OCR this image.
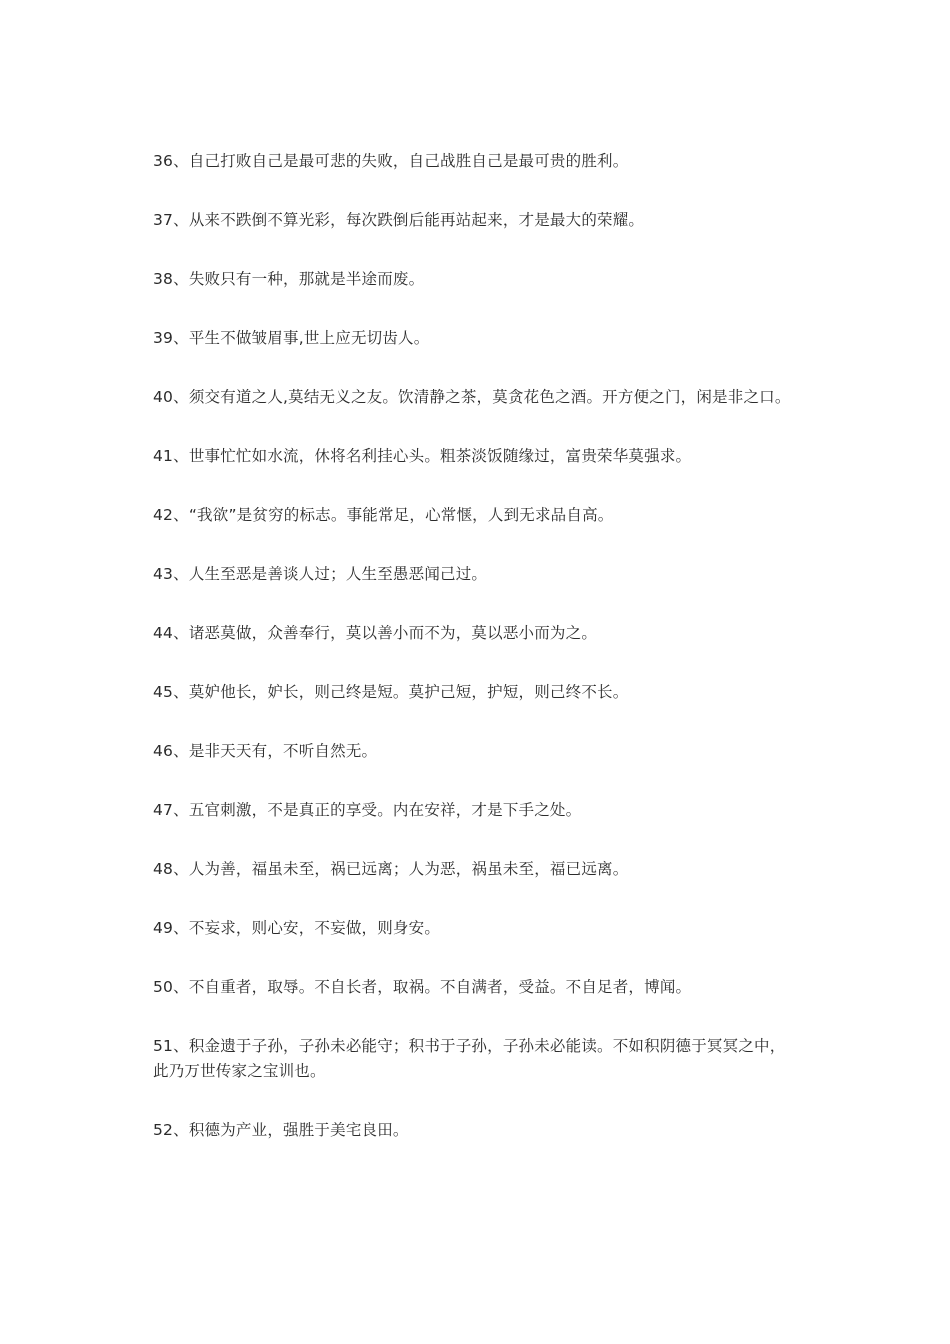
36、自己打败自己是最可悲的失败，自己战胜自己是最可贵的胜利。

37、从来不跌倒不算光彩，每次跌倒后能再站起来，才是最大的荣耀。

38、失败只有一种，那就是半途而废。

39、平生不做皱眉事,世上应无切齿人。

40、须交有道之人,莫结无义之友。饮清静之茶，莫贪花色之酒。开方便之门，闲是非之口。

41、世事忙忙如水流，休将名利挂心头。粗茶淡饭随缘过，富贵荣华莫强求。

42、“我欲”是贫穷的标志。事能常足，心常惬，人到无求品自高。

43、人生至恶是善谈人过；人生至愚恶闻己过。

44、诸恶莫做，众善奉行，莫以善小而不为，莫以恶小而为之。

45、莫妒他长，妒长，则己终是短。莫护己短，护短，则己终不长。

46、是非天天有，不听自然无。

47、五官刺激，不是真正的享受。内在安祥，才是下手之处。

48、人为善，福虽未至，祸已远离；人为恶，祸虽未至，福已远离。

49、不妄求，则心安，不妄做，则身安。

50、不自重者，取辱。不自长者，取祸。不自满者，受益。不自足者，博闻。

51、积金遗于子孙，子孙未必能守；积书于子孙，子孙未必能读。不如积阴德于冥冥之中，此乃万世传家之宝训也。

52、积德为产业，强胜于美宅良田。
